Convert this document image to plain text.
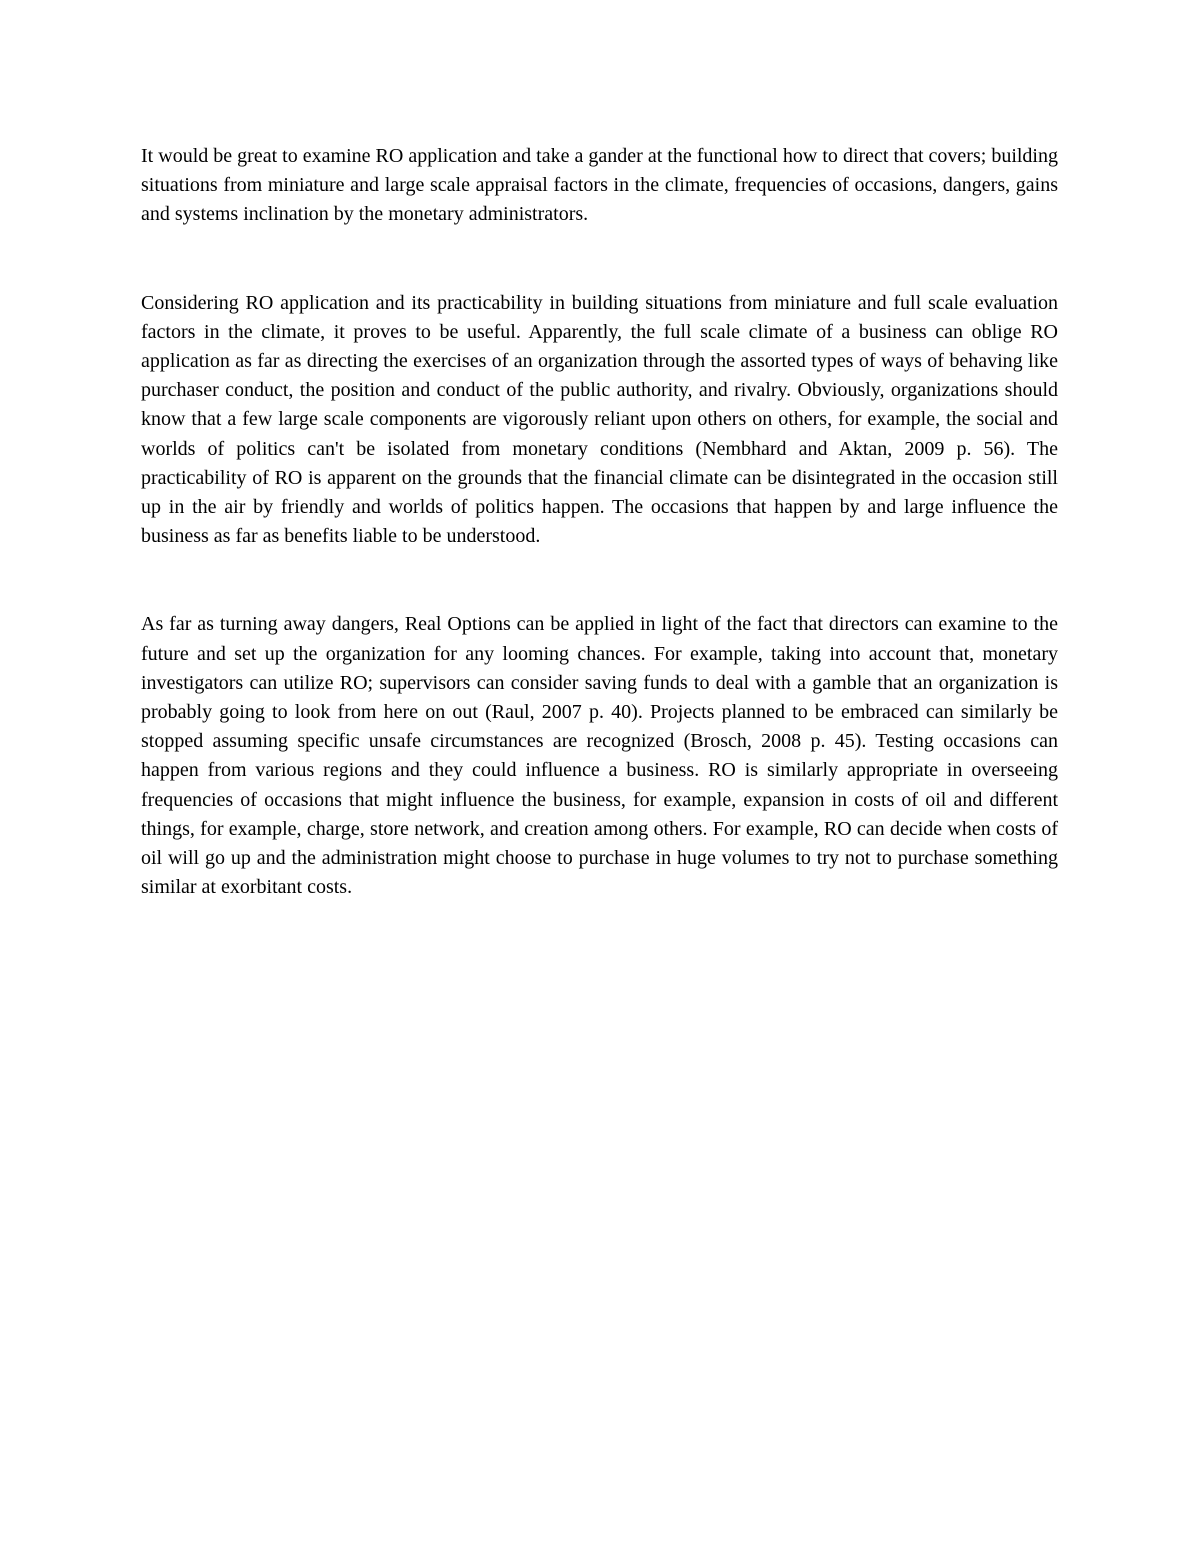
It would be great to examine RO application and take a gander at the functional how to direct that covers; building situations from miniature and large scale appraisal factors in the climate, frequencies of occasions, dangers, gains and systems inclination by the monetary administrators.

Considering RO application and its practicability in building situations from miniature and full scale evaluation factors in the climate, it proves to be useful. Apparently, the full scale climate of a business can oblige RO application as far as directing the exercises of an organization through the assorted types of ways of behaving like purchaser conduct, the position and conduct of the public authority, and rivalry. Obviously, organizations should know that a few large scale components are vigorously reliant upon others on others, for example, the social and worlds of politics can't be isolated from monetary conditions (Nembhard and Aktan, 2009 p. 56). The practicability of RO is apparent on the grounds that the financial climate can be disintegrated in the occasion still up in the air by friendly and worlds of politics happen. The occasions that happen by and large influence the business as far as benefits liable to be understood.

As far as turning away dangers, Real Options can be applied in light of the fact that directors can examine to the future and set up the organization for any looming chances. For example, taking into account that, monetary investigators can utilize RO; supervisors can consider saving funds to deal with a gamble that an organization is probably going to look from here on out (Raul, 2007 p. 40). Projects planned to be embraced can similarly be stopped assuming specific unsafe circumstances are recognized (Brosch, 2008 p. 45). Testing occasions can happen from various regions and they could influence a business. RO is similarly appropriate in overseeing frequencies of occasions that might influence the business, for example, expansion in costs of oil and different things, for example, charge, store network, and creation among others. For example, RO can decide when costs of oil will go up and the administration might choose to purchase in huge volumes to try not to purchase something similar at exorbitant costs.
